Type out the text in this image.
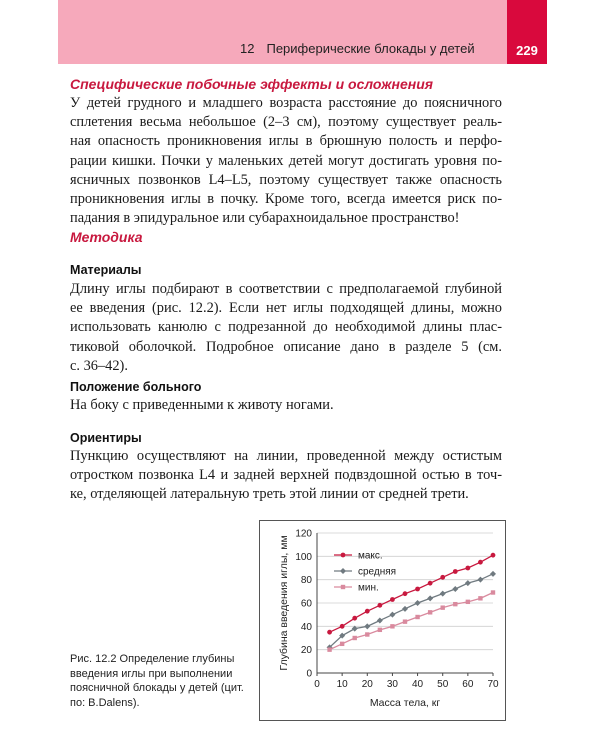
12 Периферические блокады у детей	229
Специфические побочные эффекты и осложнения
У детей грудного и младшего возраста расстояние до поясничного
сплетения весьма небольшое (2–3 см), поэтому существует реаль-
ная опасность проникновения иглы в брюшную полость и перфо-
рации кишки. Почки у маленьких детей могут достигать уровня по-
ясничных позвонков L4–L5, поэтому существует также опасность
проникновения иглы в почку. Кроме того, всегда имеется риск по-
падания в эпидуральное или субарахноидальное пространство!
Методика
Материалы
Длину иглы подбирают в соответствии с предполагаемой глубиной
ее введения (рис. 12.2). Если нет иглы подходящей длины, можно
использовать канюлю с подрезанной до необходимой длины плас-
тиковой оболочкой. Подробное описание дано в разделе 5 (см.
с. 36–42).
Положение больного
На боку с приведенными к животу ногами.
Ориентиры
Пункцию осуществляют на линии, проведенной между остистым
отростком позвонка L4 и задней верхней подвздошной остью в точ-
ке, отделяющей латеральную треть этой линии от средней трети.
Рис. 12.2 Определение глубины
введения иглы при выполнении
поясничной блокады у детей (цит.
по: B.Dalens).
0
20
40
60
80
100
120
0 10 20 30 40 50 60 70
Масса тела, кг
Глубина введения иглы, мм	макс.
средняя
мин.
